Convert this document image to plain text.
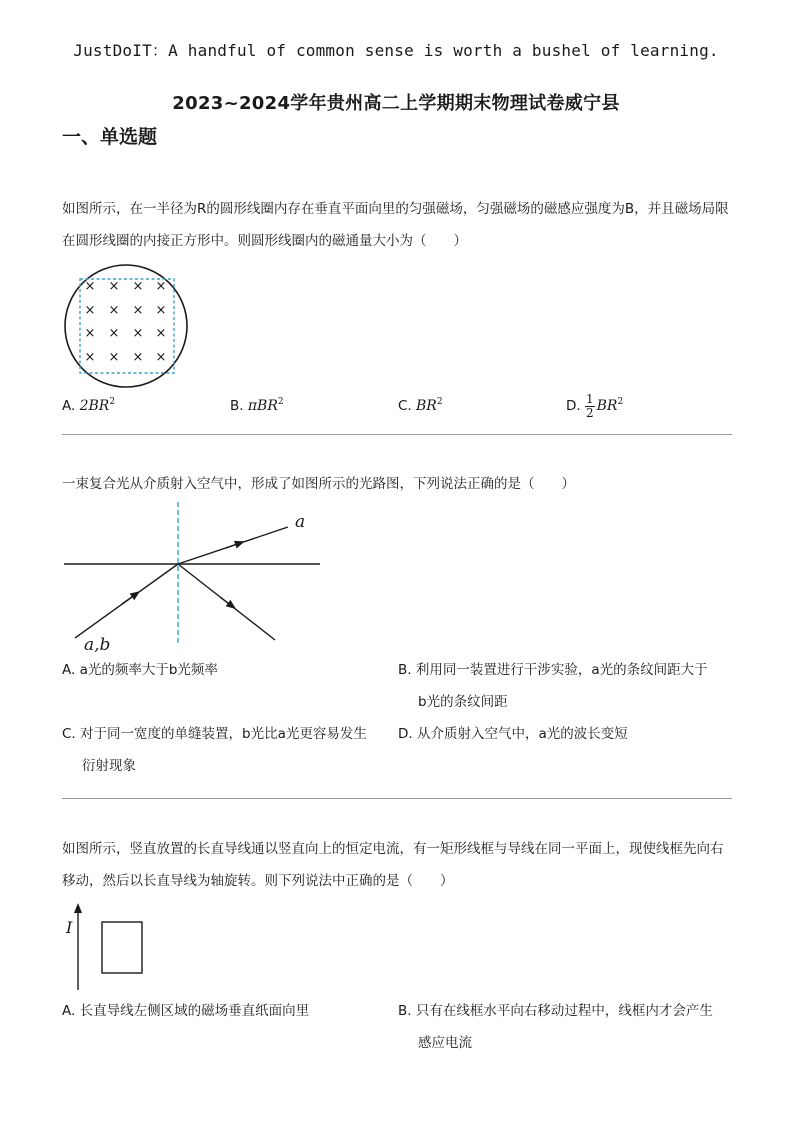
JustDoIT：A handful of common sense is worth a bushel of learning.
2023~2024学年贵州高二上学期期末物理试卷威宁县
一、单选题
如图所示，在一半径为R的圆形线圈内存在垂直平面向里的匀强磁场，匀强磁场的磁感应强度为B，并且磁场局限在圆形线圈的内接正方形中。则圆形线圈内的磁通量大小为（　　）
× × × ×
× × × ×
× × × ×
× × × ×
A. $2BR^2$	B. πBR$^2$	C. $BR^2$	D. $\frac{1}{2} BR^2$
一束复合光从介质射入空气中，形成了如图所示的光路图，下列说法正确的是（　　）
a
a,b
A. a光的频率大于b光频率	B. 利用同一装置进行干涉实验，a光的条纹间距大于
b光的条纹间距
C. 对于同一宽度的单缝装置，b光比a光更容易发生
衍射现象
D. 从介质射入空气中，a光的波长变短
如图所示，竖直放置的长直导线通以竖直向上的恒定电流，有一矩形线框与导线在同一平面上，现使线框先向右移动，然后以长直导线为轴旋转。则下列说法中正确的是（　　）
I
A. 长直导线左侧区域的磁场垂直纸面向里	B. 只有在线框水平向右移动过程中，线框内才会产生
感应电流
